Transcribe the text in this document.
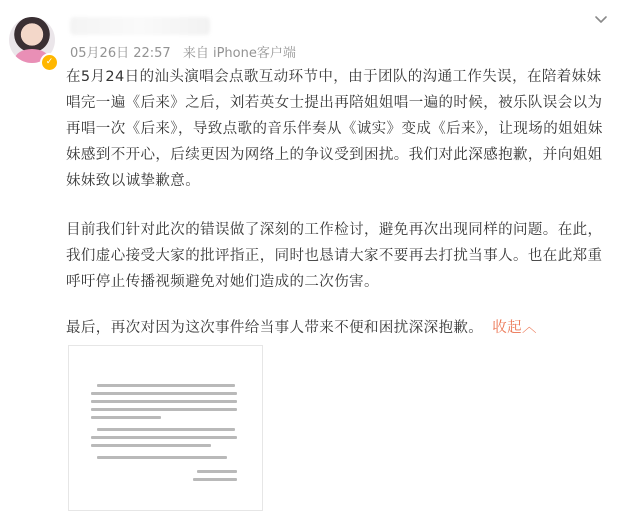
✓
05月26日 22:57 来自 iPhone客户端

在5月24日的汕头演唱会点歌互动环节中，由于团队的沟通工作失误，在陪着妹妹唱完一遍《后来》之后，刘若英女士提出再陪姐姐唱一遍的时候，被乐队误会以为再唱一次《后来》，导致点歌的音乐伴奏从《诚实》变成《后来》，让现场的姐姐妹妹感到不开心，后续更因为网络上的争议受到困扰。我们对此深感抱歉，并向姐姐妹妹致以诚挚歉意。

目前我们针对此次的错误做了深刻的工作检讨，避免再次出现同样的问题。在此，我们虚心接受大家的批评指正，同时也恳请大家不要再去打扰当事人。也在此郑重呼吁停止传播视频避免对她们造成的二次伤害。

最后，再次对因为这次事件给当事人带来不便和困扰深深抱歉。 收起︿
